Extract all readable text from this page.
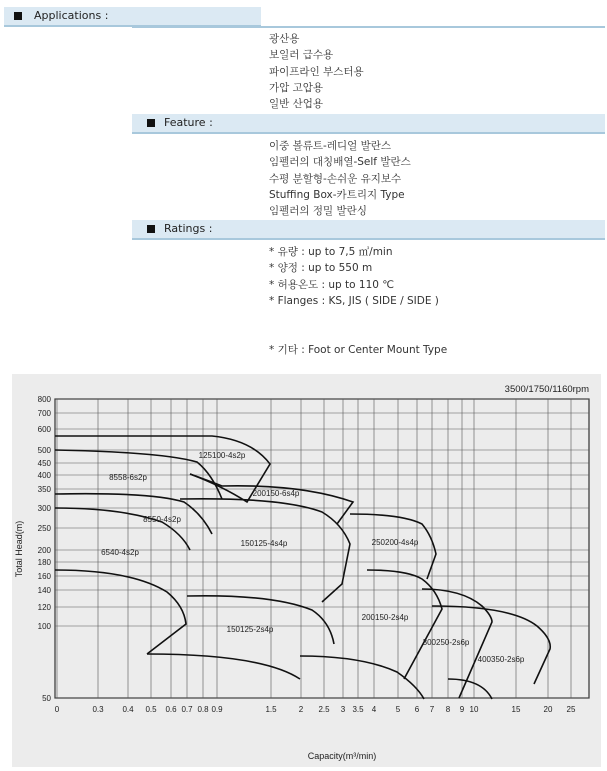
Applications :
광산용
보일러 급수용
파이프라인 부스터용
가압 고압용
일반 산업용
Feature :
이중 볼류트-레디얼 발란스
임펠러의 대칭배열-Self 발란스
수평 분할형-손쉬운 유지보수
Stuffing Box-카트리지 Type
임펠러의 정밀 발란싱
Ratings :
* 유량 : up to 7,5 ㎥/min
* 양정 : up to 550 m
* 허용온도 : up to 110 ℃
* Flanges : KS, JIS ( SIDE / SIDE )
* 기타 : Foot or Center Mount Type
0	0.3 0.4 0.5 0.6 0.7 0.8 0.9	1.5	2 2.5 3 3.5 4 5 6 7 8 9 10	15	20 25
800
700
600
500
450
400
350
300
250
200
180
160
140
120
100
50
Capacity(m³/min)
Total Head(m)
3500/1750/1160rpm
125100-4s2p
8558-6s2p
200150-6s4p
8550-4s2p
150125-4s4p	250200-4s4p
6540-4s2p
150125-2s4p
200150-2s4p
300250-2s6p
400350-2s6p
